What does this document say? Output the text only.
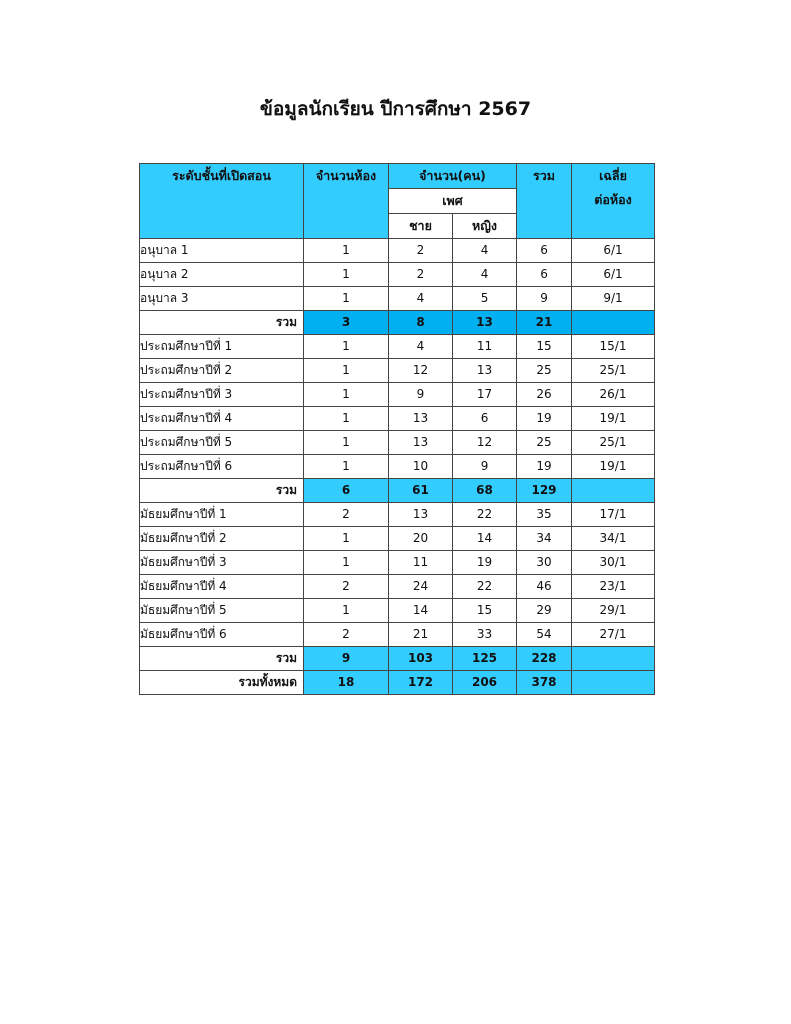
ข้อมูลนักเรียน ปีการศึกษา 2567
ระดับชั้นที่เปิดสอน	จำนวนห้อง	จำนวน(คน)		รวม	เฉลี่ย
ต่อห้อง

		เพศ			
		ชาย	หญิง		
อนุบาล 1	1	2	4	6	6/1
อนุบาล 2	1	2	4	6	6/1
อนุบาล 3	1	4	5	9	9/1
รวม	3	8	13	21	
ประถมศึกษาปีที่ 1	1	4	11	15	15/1
ประถมศึกษาปีที่ 2	1	12	13	25	25/1
ประถมศึกษาปีที่ 3	1	9	17	26	26/1
ประถมศึกษาปีที่ 4	1	13	6	19	19/1
ประถมศึกษาปีที่ 5	1	13	12	25	25/1
ประถมศึกษาปีที่ 6	1	10	9	19	19/1
รวม	6	61	68	129	
มัธยมศึกษาปีที่ 1	2	13	22	35	17/1
มัธยมศึกษาปีที่ 2	1	20	14	34	34/1
มัธยมศึกษาปีที่ 3	1	11	19	30	30/1
มัธยมศึกษาปีที่ 4	2	24	22	46	23/1
มัธยมศึกษาปีที่ 5	1	14	15	29	29/1
มัธยมศึกษาปีที่ 6	2	21	33	54	27/1
รวม	9	103	125	228	
รวมทั้งหมด	18	172	206	378	
